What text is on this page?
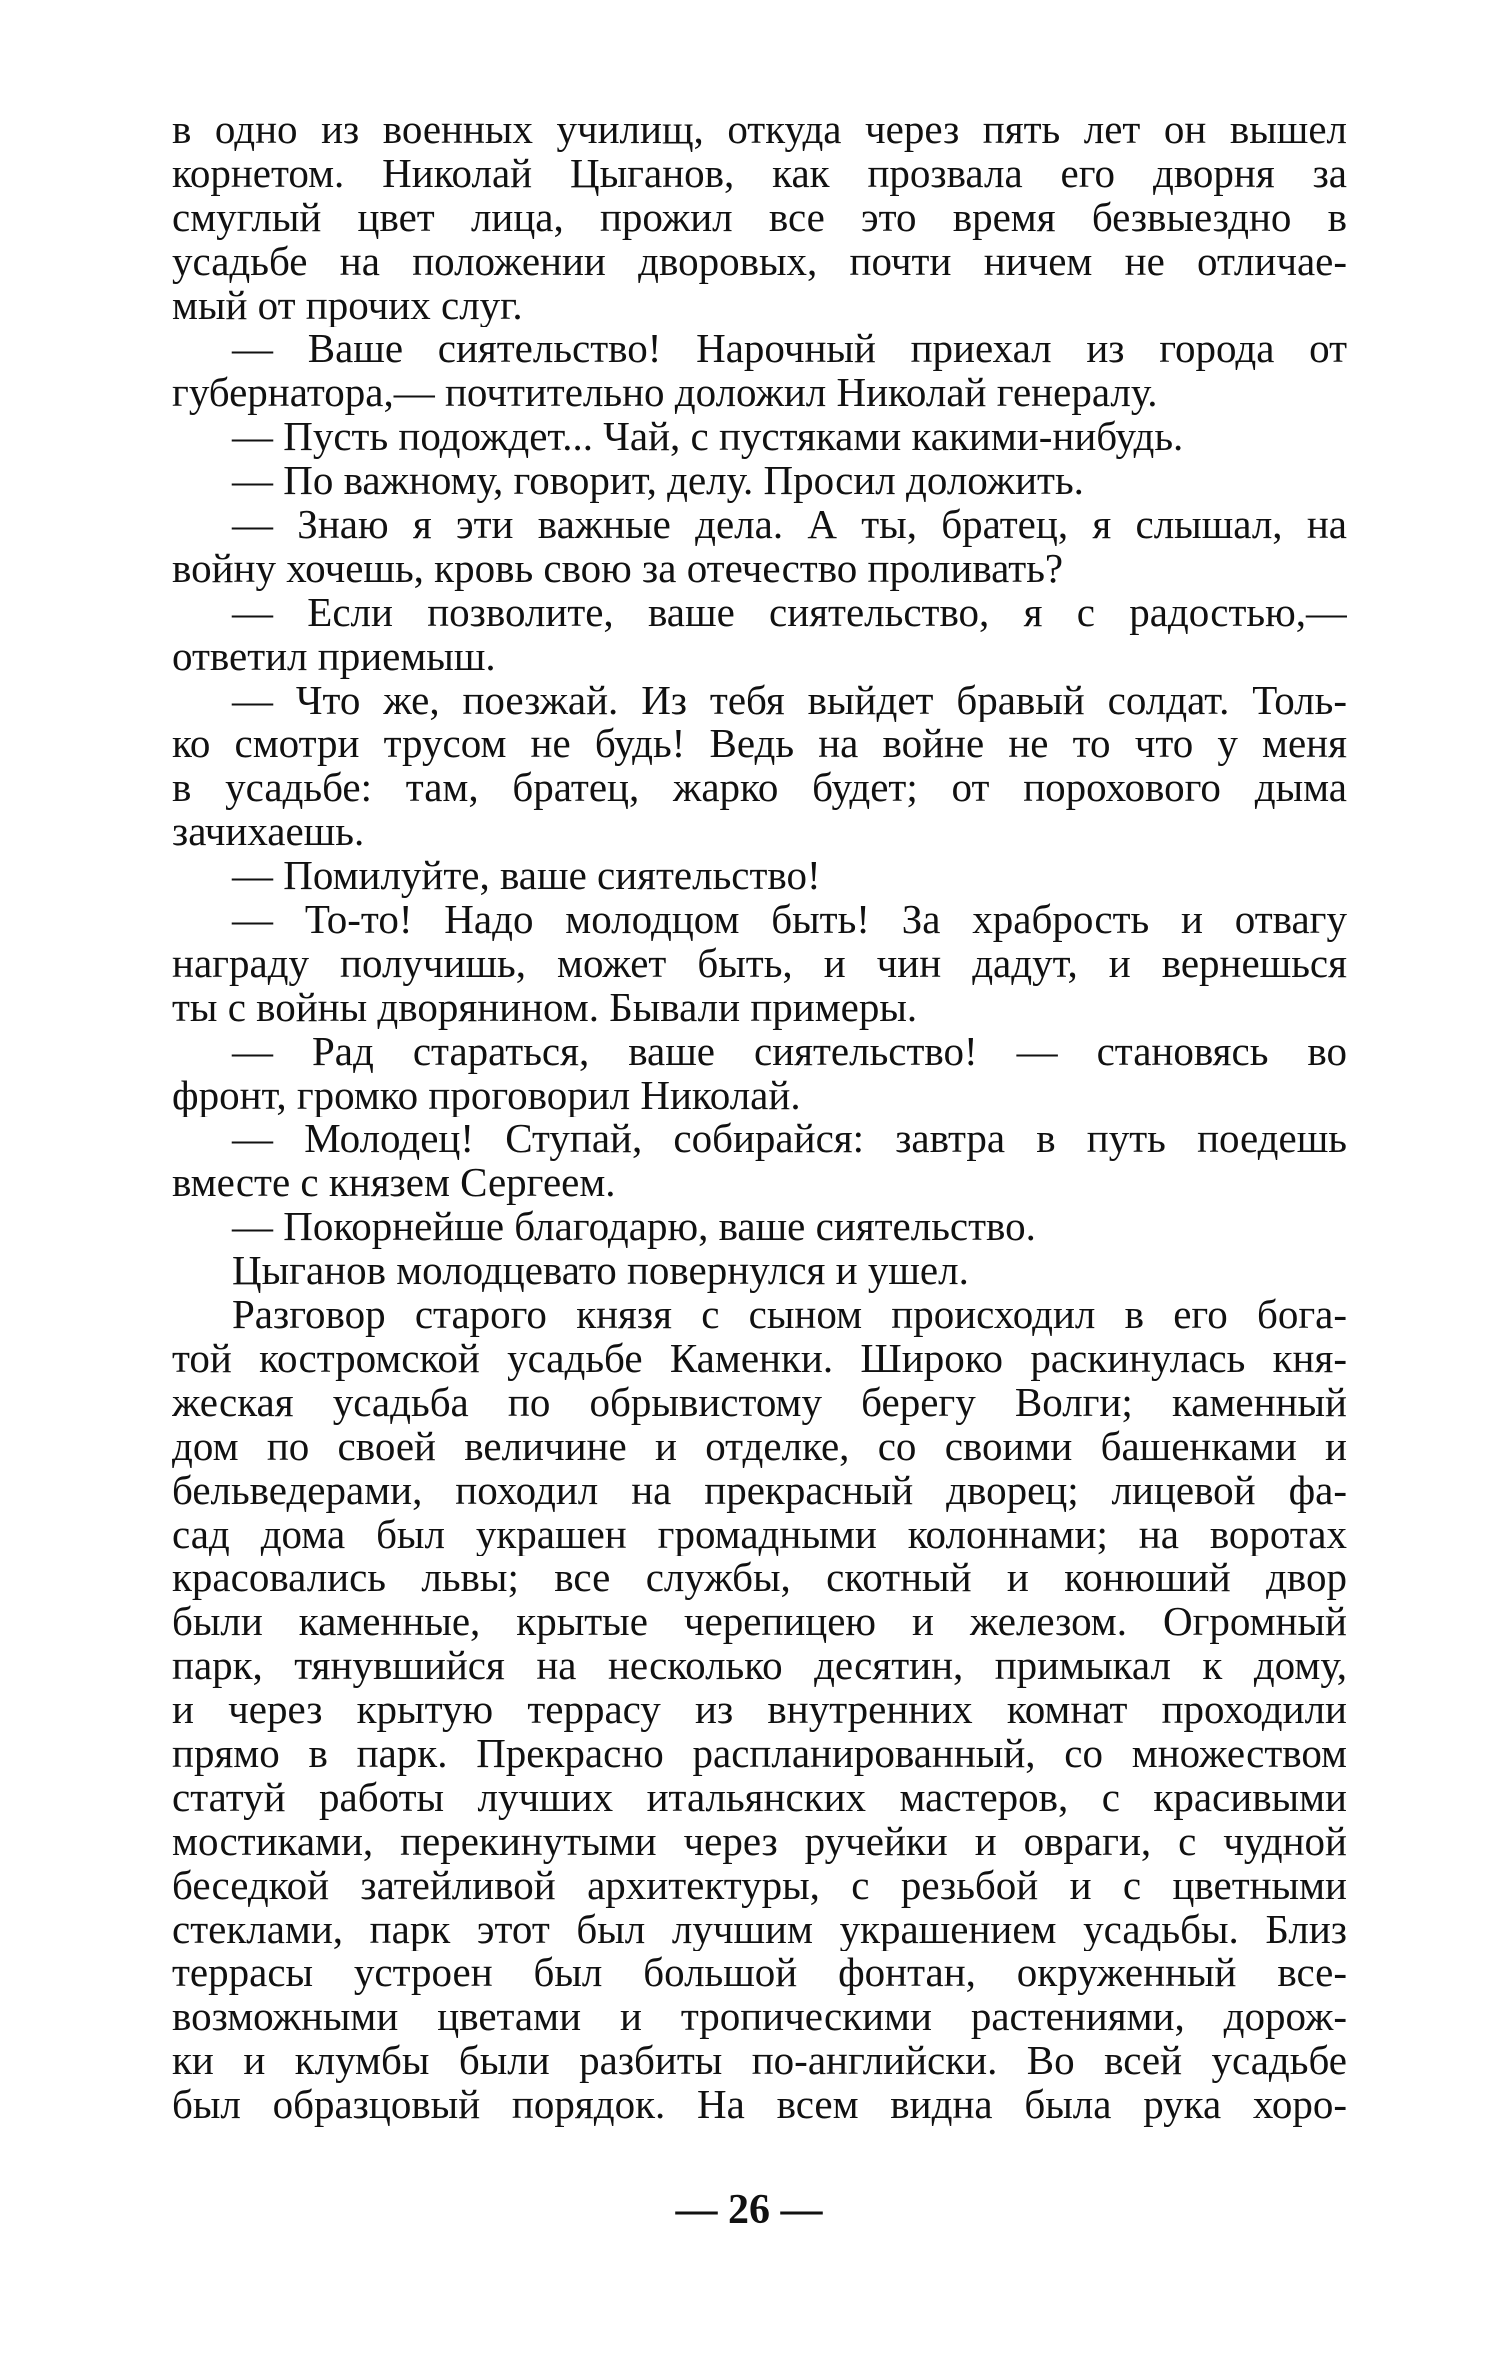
в одно из военных училищ, откуда через пять лет он вышел
корнетом. Николай Цыганов, как прозвала его дворня за
смуглый цвет лица, прожил все это время безвыездно в
усадьбе на положении дворовых, почти ничем не отличае-
мый от прочих слуг.
— Ваше сиятельство! Нарочный приехал из города от
губернатора,— почтительно доложил Николай генералу.
— Пусть подождет... Чай, с пустяками какими-нибудь.
— По важному, говорит, делу. Просил доложить.
— Знаю я эти важные дела. А ты, братец, я слышал, на
войну хочешь, кровь свою за отечество проливать?
— Если позволите, ваше сиятельство, я с радостью,—
ответил приемыш.
— Что же, поезжай. Из тебя выйдет бравый солдат. Толь-
ко смотри трусом не будь! Ведь на войне не то что у меня
в усадьбе: там, братец, жарко будет; от порохового дыма
зачихаешь.
— Помилуйте, ваше сиятельство!
— То-то! Надо молодцом быть! За храбрость и отвагу
награду получишь, может быть, и чин дадут, и вернешься
ты с войны дворянином. Бывали примеры.
— Рад стараться, ваше сиятельство! — становясь во
фронт, громко проговорил Николай.
— Молодец! Ступай, собирайся: завтра в путь поедешь
вместе с князем Сергеем.
— Покорнейше благодарю, ваше сиятельство.
Цыганов молодцевато повернулся и ушел.
Разговор старого князя с сыном происходил в его бога-
той костромской усадьбе Каменки. Широко раскинулась кня-
жеская усадьба по обрывистому берегу Волги; каменный
дом по своей величине и отделке, со своими башенками и
бельведерами, походил на прекрасный дворец; лицевой фа-
сад дома был украшен громадными колоннами; на воротах
красовались львы; все службы, скотный и конюший двор
были каменные, крытые черепицею и железом. Огромный
парк, тянувшийся на несколько десятин, примыкал к дому,
и через крытую террасу из внутренних комнат проходили
прямо в парк. Прекрасно распланированный, со множеством
статуй работы лучших итальянских мастеров, с красивыми
мостиками, перекинутыми через ручейки и овраги, с чудной
беседкой затейливой архитектуры, с резьбой и с цветными
стеклами, парк этот был лучшим украшением усадьбы. Близ
террасы устроен был большой фонтан, окруженный все-
возможными цветами и тропическими растениями, дорож-
ки и клумбы были разбиты по-английски. Во всей усадьбе
был образцовый порядок. На всем видна была рука хоро-
— 26 —
